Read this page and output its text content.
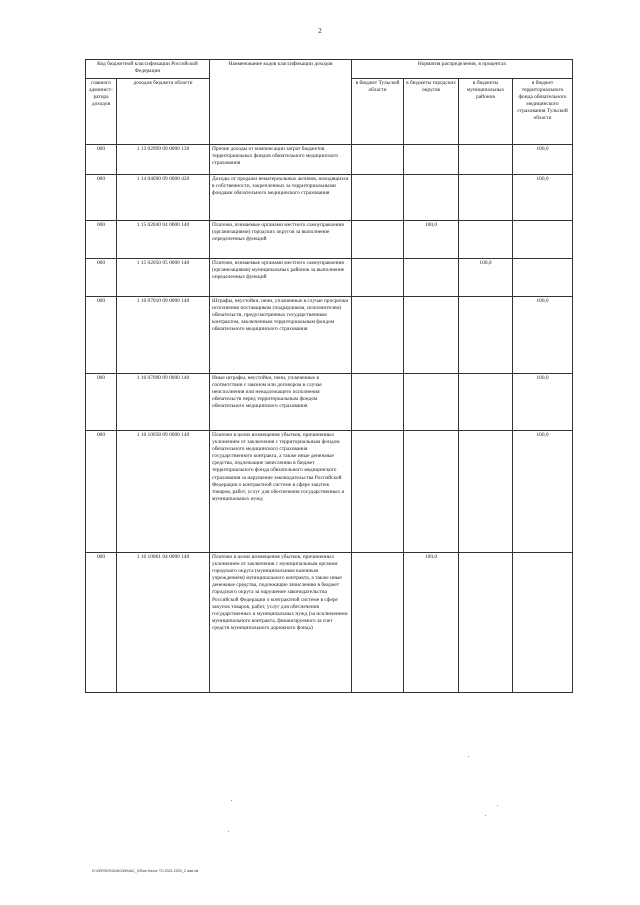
2
Код бюджетной классификации Российской Федерации		Наименование кодов классификации доходов	Норматив распределения, в процентах			
главного админист-ратора доходов	доходов бюджета области		в бюджет Тульской области	в бюджеты городских округов	в бюджеты муниципальных районов	в бюджет территориального фонда обязательного медицинского страхования Тульской области
000	1 13 02999 09 0000 130	Прочие доходы от компенсации затрат бюджетов территориальных фондов обязательного медицинского страхования				100,0
000	1 14 04090 09 0000 420	Доходы от продажи нематериальных активов, находящихся в собственности, закрепленных за территориальными фондами обязательного медицинского страхования				100,0
000	1 15 02040 04 0000 140	Платежи, взимаемые органами местного самоуправления (организациями) городских округов за выполнение определенных функций		100,0		
000	1 15 02050 05 0000 140	Платежи, взимаемые органами местного самоуправления (организациями) муниципальных районов за выполнение определенных функций			100,0	
000	1 16 07010 09 0000 140	Штрафы, неустойки, пени, уплаченные в случае просрочки исполнения поставщиком (подрядчиком, исполнителем) обязательств, предусмотренных государственным контрактом, заключенным территориальным фондом обязательного медицинского страхования				100,0
000	1 16 07090 09 0000 140	Иные штрафы, неустойки, пени, уплаченные в соответствии с законом или договором в случае неисполнения или ненадлежащего исполнения обязательств перед территориальным фондом обязательного медицинского страхования				100,0
000	1 16 10058 09 0000 140	Платежи в целях возмещения убытков, причиненных уклонением от заключения с территориальным фондом обязательного медицинского страхования государственного контракта, а также иные денежные средства, подлежащие зачислению в бюджет территориального фонда обязательного медицинского страхования за нарушение законодательства Российской Федерации о контрактной системе в сфере закупок товаров, работ, услуг для обеспечения государственных и муниципальных нужд				100,0
000	1 16 10061 04 0000 140	Платежи в целях возмещения убытков, причиненных уклонением от заключения с муниципальным органом городского округа (муниципальным казенным учреждением) муниципального контракта, а также иные денежные средства, подлежащие зачислению в бюджет городского округа за нарушение законодательства Российской Федерации о контрактной системе в сфере закупок товаров, работ, услуг для обеспечения государственных и муниципальных нужд (за исключением муниципального контракта, финансируемого за счет средств муниципального дорожного фонда)		100,0		
D:\VERSION\ZAKON\NAC_3\Пом.Налог ТО 2021-2023_2 изм.xls
